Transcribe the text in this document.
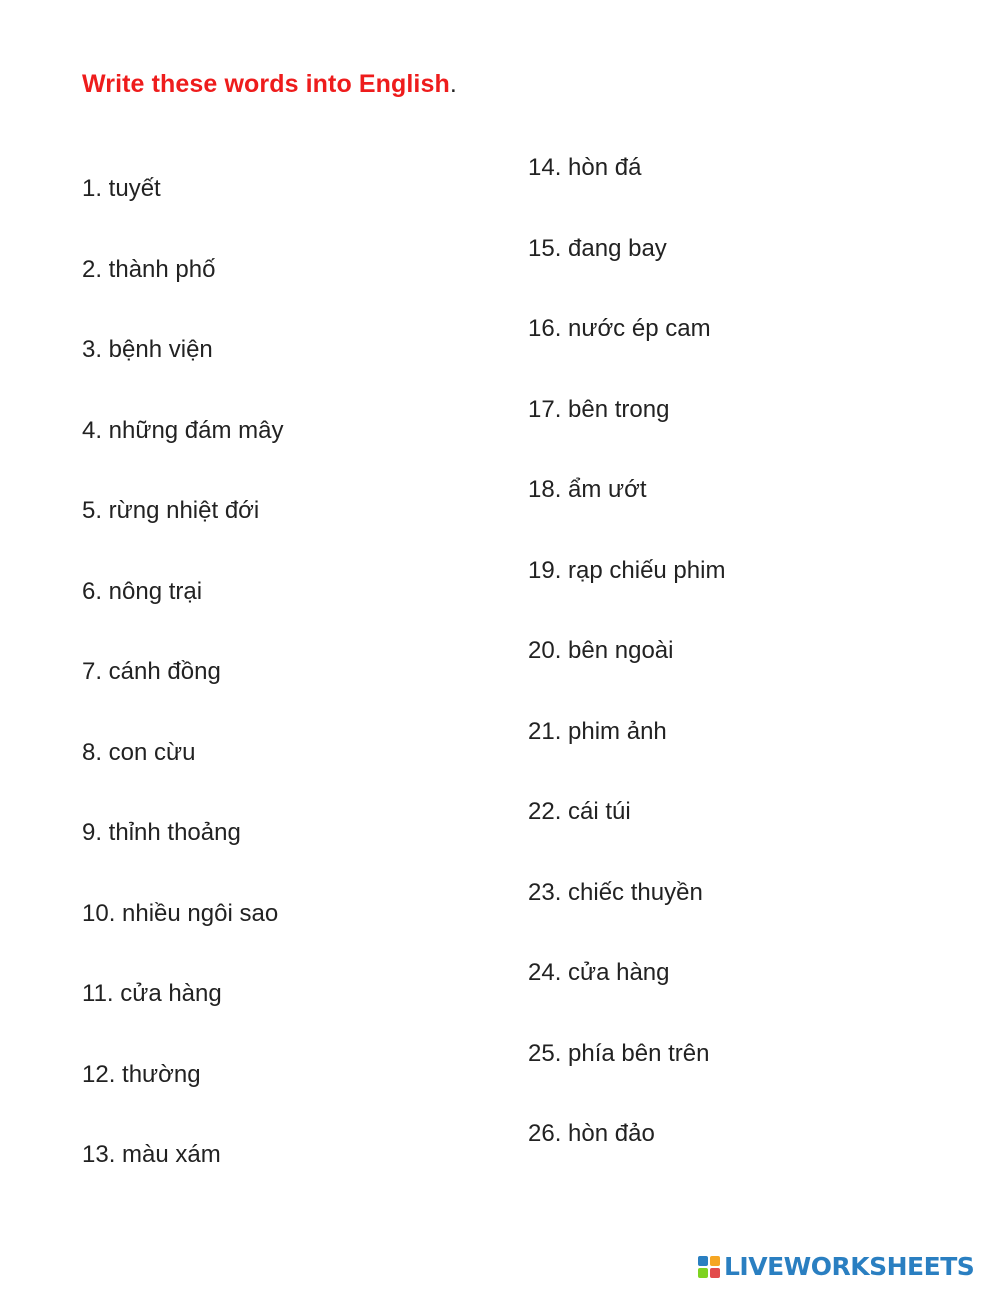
Write these words into English.
1. tuyết
2. thành phố
3. bệnh viện
4. những đám mây
5. rừng nhiệt đới
6. nông trại
7. cánh đồng
8. con cừu
9. thỉnh thoảng
10. nhiều ngôi sao
11. cửa hàng
12. thường
13. màu xám
14. hòn đá
15. đang bay
16. nước ép cam
17. bên trong
18. ẩm ướt
19. rạp chiếu phim
20. bên ngoài
21. phim ảnh
22. cái túi
23. chiếc thuyền
24. cửa hàng
25. phía bên trên
26. hòn đảo
LIVEWORKSHEETS
